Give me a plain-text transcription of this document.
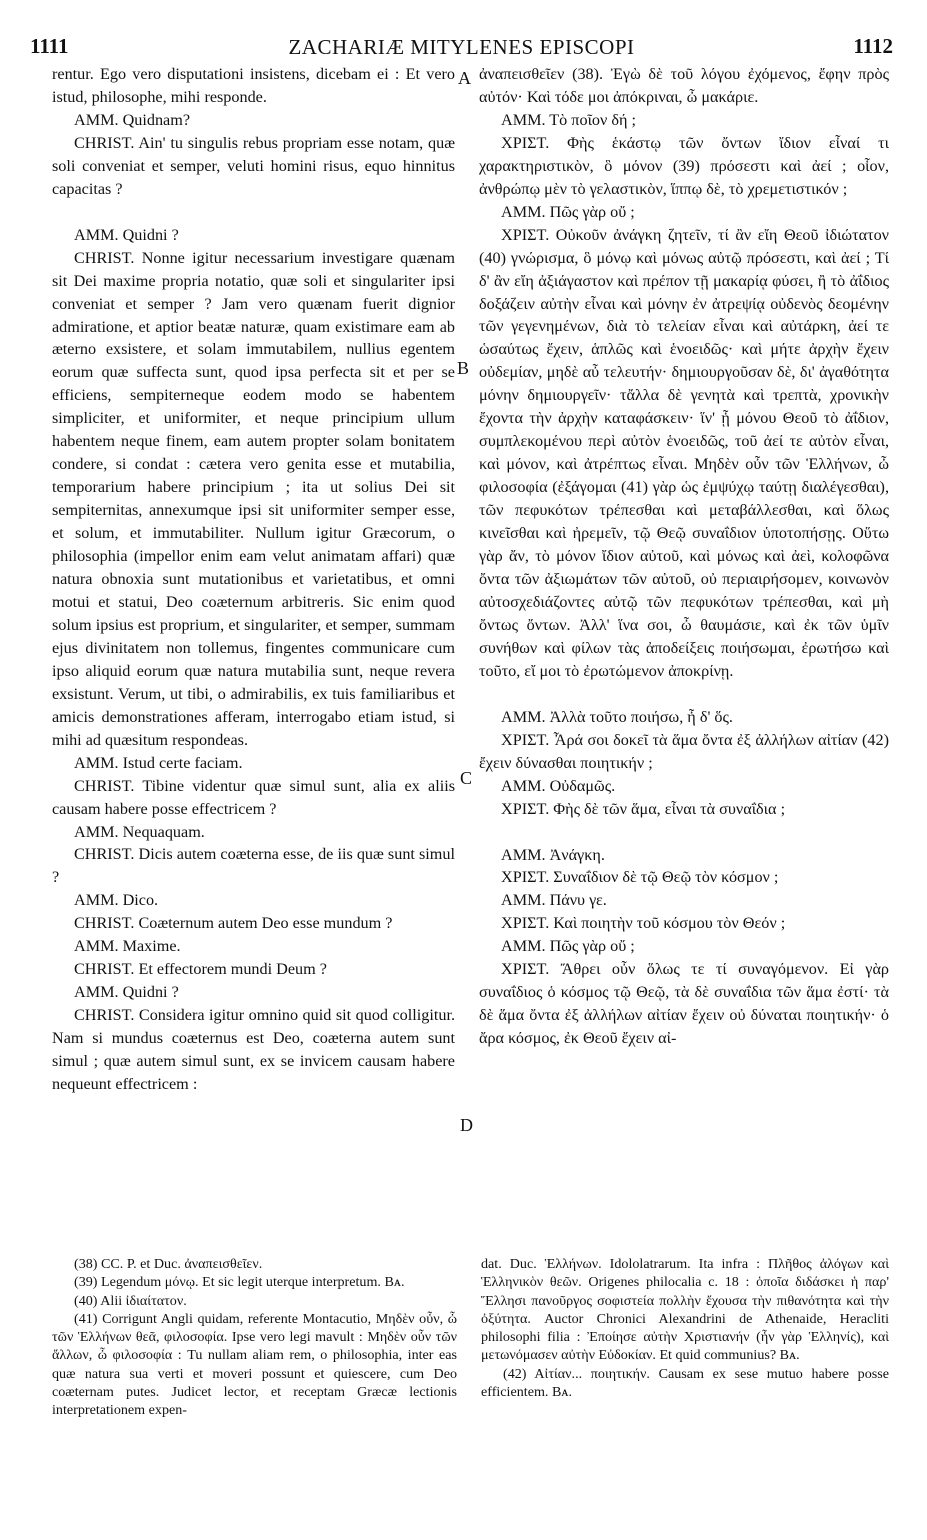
1111	ZACHARIÆ MITYLENES EPISCOPI	1112
A
B
C
D

rentur. Ego vero disputationi insistens, dicebam ei : Et vero istud, philosophe, mihi responde.

AMM. Quidnam?

CHRIST. Ain' tu singulis rebus propriam esse notam, quæ soli conveniat et semper, veluti homini risus, equo hinnitus capacitas ?

AMM. Quidni ?

CHRIST. Nonne igitur necessarium investigare quænam sit Dei maxime propria notatio, quæ soli et singulariter ipsi conveniat et semper ? Jam vero quænam fuerit dignior admiratione, et aptior beatæ naturæ, quam existimare eam ab æterno exsistere, et solam immutabilem, nullius egentem eorum quæ suffecta sunt, quod ipsa perfecta sit et per se efficiens, sempiterneque eodem modo se habentem simpliciter, et uniformiter, et neque principium ullum habentem neque finem, eam autem propter solam bonitatem condere, si condat : cætera vero genita esse et mutabilia, temporarium habere principium ; ita ut solius Dei sit sempiternitas, annexumque ipsi sit uniformiter semper esse, et solum, et immutabiliter. Nullum igitur Græcorum, o philosophia (impellor enim eam velut animatam affari) quæ natura obnoxia sunt mutationibus et varietatibus, et omni motui et statui, Deo coæternum arbitreris. Sic enim quod solum ipsius est proprium, et singulariter, et semper, summam ejus divinitatem non tollemus, fingentes communicare cum ipso aliquid eorum quæ natura mutabilia sunt, neque revera exsistunt. Verum, ut tibi, o admirabilis, ex tuis familiaribus et amicis demonstrationes afferam, interrogabo etiam istud, si mihi ad quæsitum respondeas.

AMM. Istud certe faciam.

CHRIST. Tibine videntur quæ simul sunt, alia ex aliis causam habere posse effectricem ?

AMM. Nequaquam.

CHRIST. Dicis autem coæterna esse, de iis quæ sunt simul ?

AMM. Dico.

CHRIST. Coæternum autem Deo esse mundum ?

AMM. Maxime.

CHRIST. Et effectorem mundi Deum ?

AMM. Quidni ?

CHRIST. Considera igitur omnino quid sit quod colligitur. Nam si mundus coæternus est Deo, coæterna autem sunt simul ; quæ autem simul sunt, ex se invicem causam habere nequeunt effectricem :

ἀναπεισθεῖεν (38). Ἐγὼ δὲ τοῦ λόγου ἐχόμενος, ἔφην πρὸς αὐτόν· Καὶ τόδε μοι ἀπόκριναι, ὦ μακάριε.

ΑΜΜ. Τὸ ποῖον δή ;

ΧΡΙΣΤ. Φὴς ἑκάστῳ τῶν ὄντων ἴδιον εἶναί τι χαρακτηριστικὸν, ὃ μόνον (39) πρόσεστι καὶ ἀεί ; οἷον, ἀνθρώπῳ μὲν τὸ γελαστικὸν, ἵππῳ δὲ, τὸ χρεμετιστικόν ;

ΑΜΜ. Πῶς γὰρ οὔ ;

ΧΡΙΣΤ. Οὐκοῦν ἀνάγκη ζητεῖν, τί ἂν εἴη Θεοῦ ἰδιώτατον (40) γνώρισμα, ὃ μόνῳ καὶ μόνως αὐτῷ πρόσεστι, καὶ ἀεί ; Τί δ' ἂν εἴη ἀξιάγαστον καὶ πρέπον τῇ μακαρίᾳ φύσει, ἢ τὸ ἀΐδιος δοξάζειν αὐτὴν εἶναι καὶ μόνην ἐν ἀτρεψίᾳ οὐδενὸς δεομένην τῶν γεγενημένων, διὰ τὸ τελείαν εἶναι καὶ αὐτάρκη, ἀεί τε ὡσαύτως ἔχειν, ἁπλῶς καὶ ἑνοειδῶς· καὶ μήτε ἀρχὴν ἔχειν οὐδεμίαν, μηδὲ αὖ τελευτήν· δημιουργοῦσαν δὲ, δι' ἀγαθότητα μόνην δημιουργεῖν· τἄλλα δὲ γενητὰ καὶ τρεπτὰ, χρονικὴν ἔχοντα τὴν ἀρχὴν καταφάσκειν· ἵν' ᾖ μόνου Θεοῦ τὸ ἀΐδιον, συμπλεκομένου περὶ αὐτὸν ἑνοειδῶς, τοῦ ἀεί τε αὐτὸν εἶναι, καὶ μόνον, καὶ ἀτρέπτως εἶναι. Μηδὲν οὖν τῶν Ἑλλήνων, ὦ φιλοσοφία (ἐξάγομαι (41) γὰρ ὡς ἐμψύχῳ ταύτῃ διαλέγεσθαι), τῶν πεφυκότων τρέπεσθαι καὶ μεταβάλλεσθαι, καὶ ὅλως κινεῖσθαι καὶ ἠρεμεῖν, τῷ Θεῷ συναΐδιον ὑποτοπήσῃς. Οὕτω γὰρ ἄν, τὸ μόνον ἴδιον αὐτοῦ, καὶ μόνως καὶ ἀεὶ, κολοφῶνα ὄντα τῶν ἀξιωμάτων τῶν αὐτοῦ, οὐ περιαιρήσομεν, κοινωνὸν αὐτοσχεδιάζοντες αὐτῷ τῶν πεφυκότων τρέπεσθαι, καὶ μὴ ὄντως ὄντων. Ἀλλ' ἵνα σοι, ὦ θαυμάσιε, καὶ ἐκ τῶν ὑμῖν συνήθων καὶ φίλων τὰς ἀποδείξεις ποιήσωμαι, ἐρωτήσω καὶ τοῦτο, εἴ μοι τὸ ἐρωτώμενον ἀποκρίνῃ.

ΑΜΜ. Ἀλλὰ τοῦτο ποιήσω, ἦ δ' ὅς.

ΧΡΙΣΤ. Ἆρά σοι δοκεῖ τὰ ἅμα ὄντα ἐξ ἀλλήλων αἰτίαν (42) ἔχειν δύνασθαι ποιητικήν ;

ΑΜΜ. Οὐδαμῶς.

ΧΡΙΣΤ. Φὴς δὲ τῶν ἅμα, εἶναι τὰ συναΐδια ;

ΑΜΜ. Ἀνάγκη.

ΧΡΙΣΤ. Συναΐδιον δὲ τῷ Θεῷ τὸν κόσμον ;

ΑΜΜ. Πάνυ γε.

ΧΡΙΣΤ. Καὶ ποιητὴν τοῦ κόσμου τὸν Θεόν ;

ΑΜΜ. Πῶς γὰρ οὔ ;

ΧΡΙΣΤ. Ἄθρει οὖν ὅλως τε τί συναγόμενον. Εἰ γὰρ συναΐδιος ὁ κόσμος τῷ Θεῷ, τὰ δὲ συναΐδια τῶν ἅμα ἐστί· τὰ δὲ ἅμα ὄντα ἐξ ἀλλήλων αἰτίαν ἔχειν οὐ δύναται ποιητικήν· ὁ ἄρα κόσμος, ἐκ Θεοῦ ἔχειν αἰ-

(38) CC. P. et Duc. ἀναπεισθεῖεν.

(39) Legendum μόνῳ. Et sic legit uterque interpretum. Bᴀ.

(40) Alii ἰδιαίτατον.

(41) Corrigunt Angli quidam, referente Montacutio, Μηδὲν οὖν, ὦ τῶν Ἑλλήνων θεᾶ, φιλοσοφία. Ipse vero legi mavult : Μηδὲν οὖν τῶν ἄλλων, ὦ φιλοσοφία : Tu nullam aliam rem, o philosophia, inter eas quæ natura sua verti et moveri possunt et quiescere, cum Deo coæternam putes. Judicet lector, et receptam Græcæ lectionis interpretationem expen-

dat. Duc. Ἑλλήνων. Idololatrarum. Ita infra : Πλῆθος ἀλόγων καὶ Ἑλληνικὸν θεῶν. Origenes philocalia c. 18 : ὁποῖα διδάσκει ἡ παρ' Ἕλλησι πανοῦργος σοφιστεία πολλὴν ἔχουσα τὴν πιθανότητα καὶ τὴν ὀξύτητα. Auctor Chronici Alexandrini de Athenaide, Heracliti philosophi filia : Ἐποίησε αὐτὴν Χριστιανήν (ἦν γὰρ Ἑλληνίς), καὶ μετωνόμασεν αὐτὴν Εὐδοκίαν. Et quid communius? Bᴀ.

(42) Αἰτίαν... ποιητικήν. Causam ex sese mutuo habere posse efficientem. Bᴀ.
